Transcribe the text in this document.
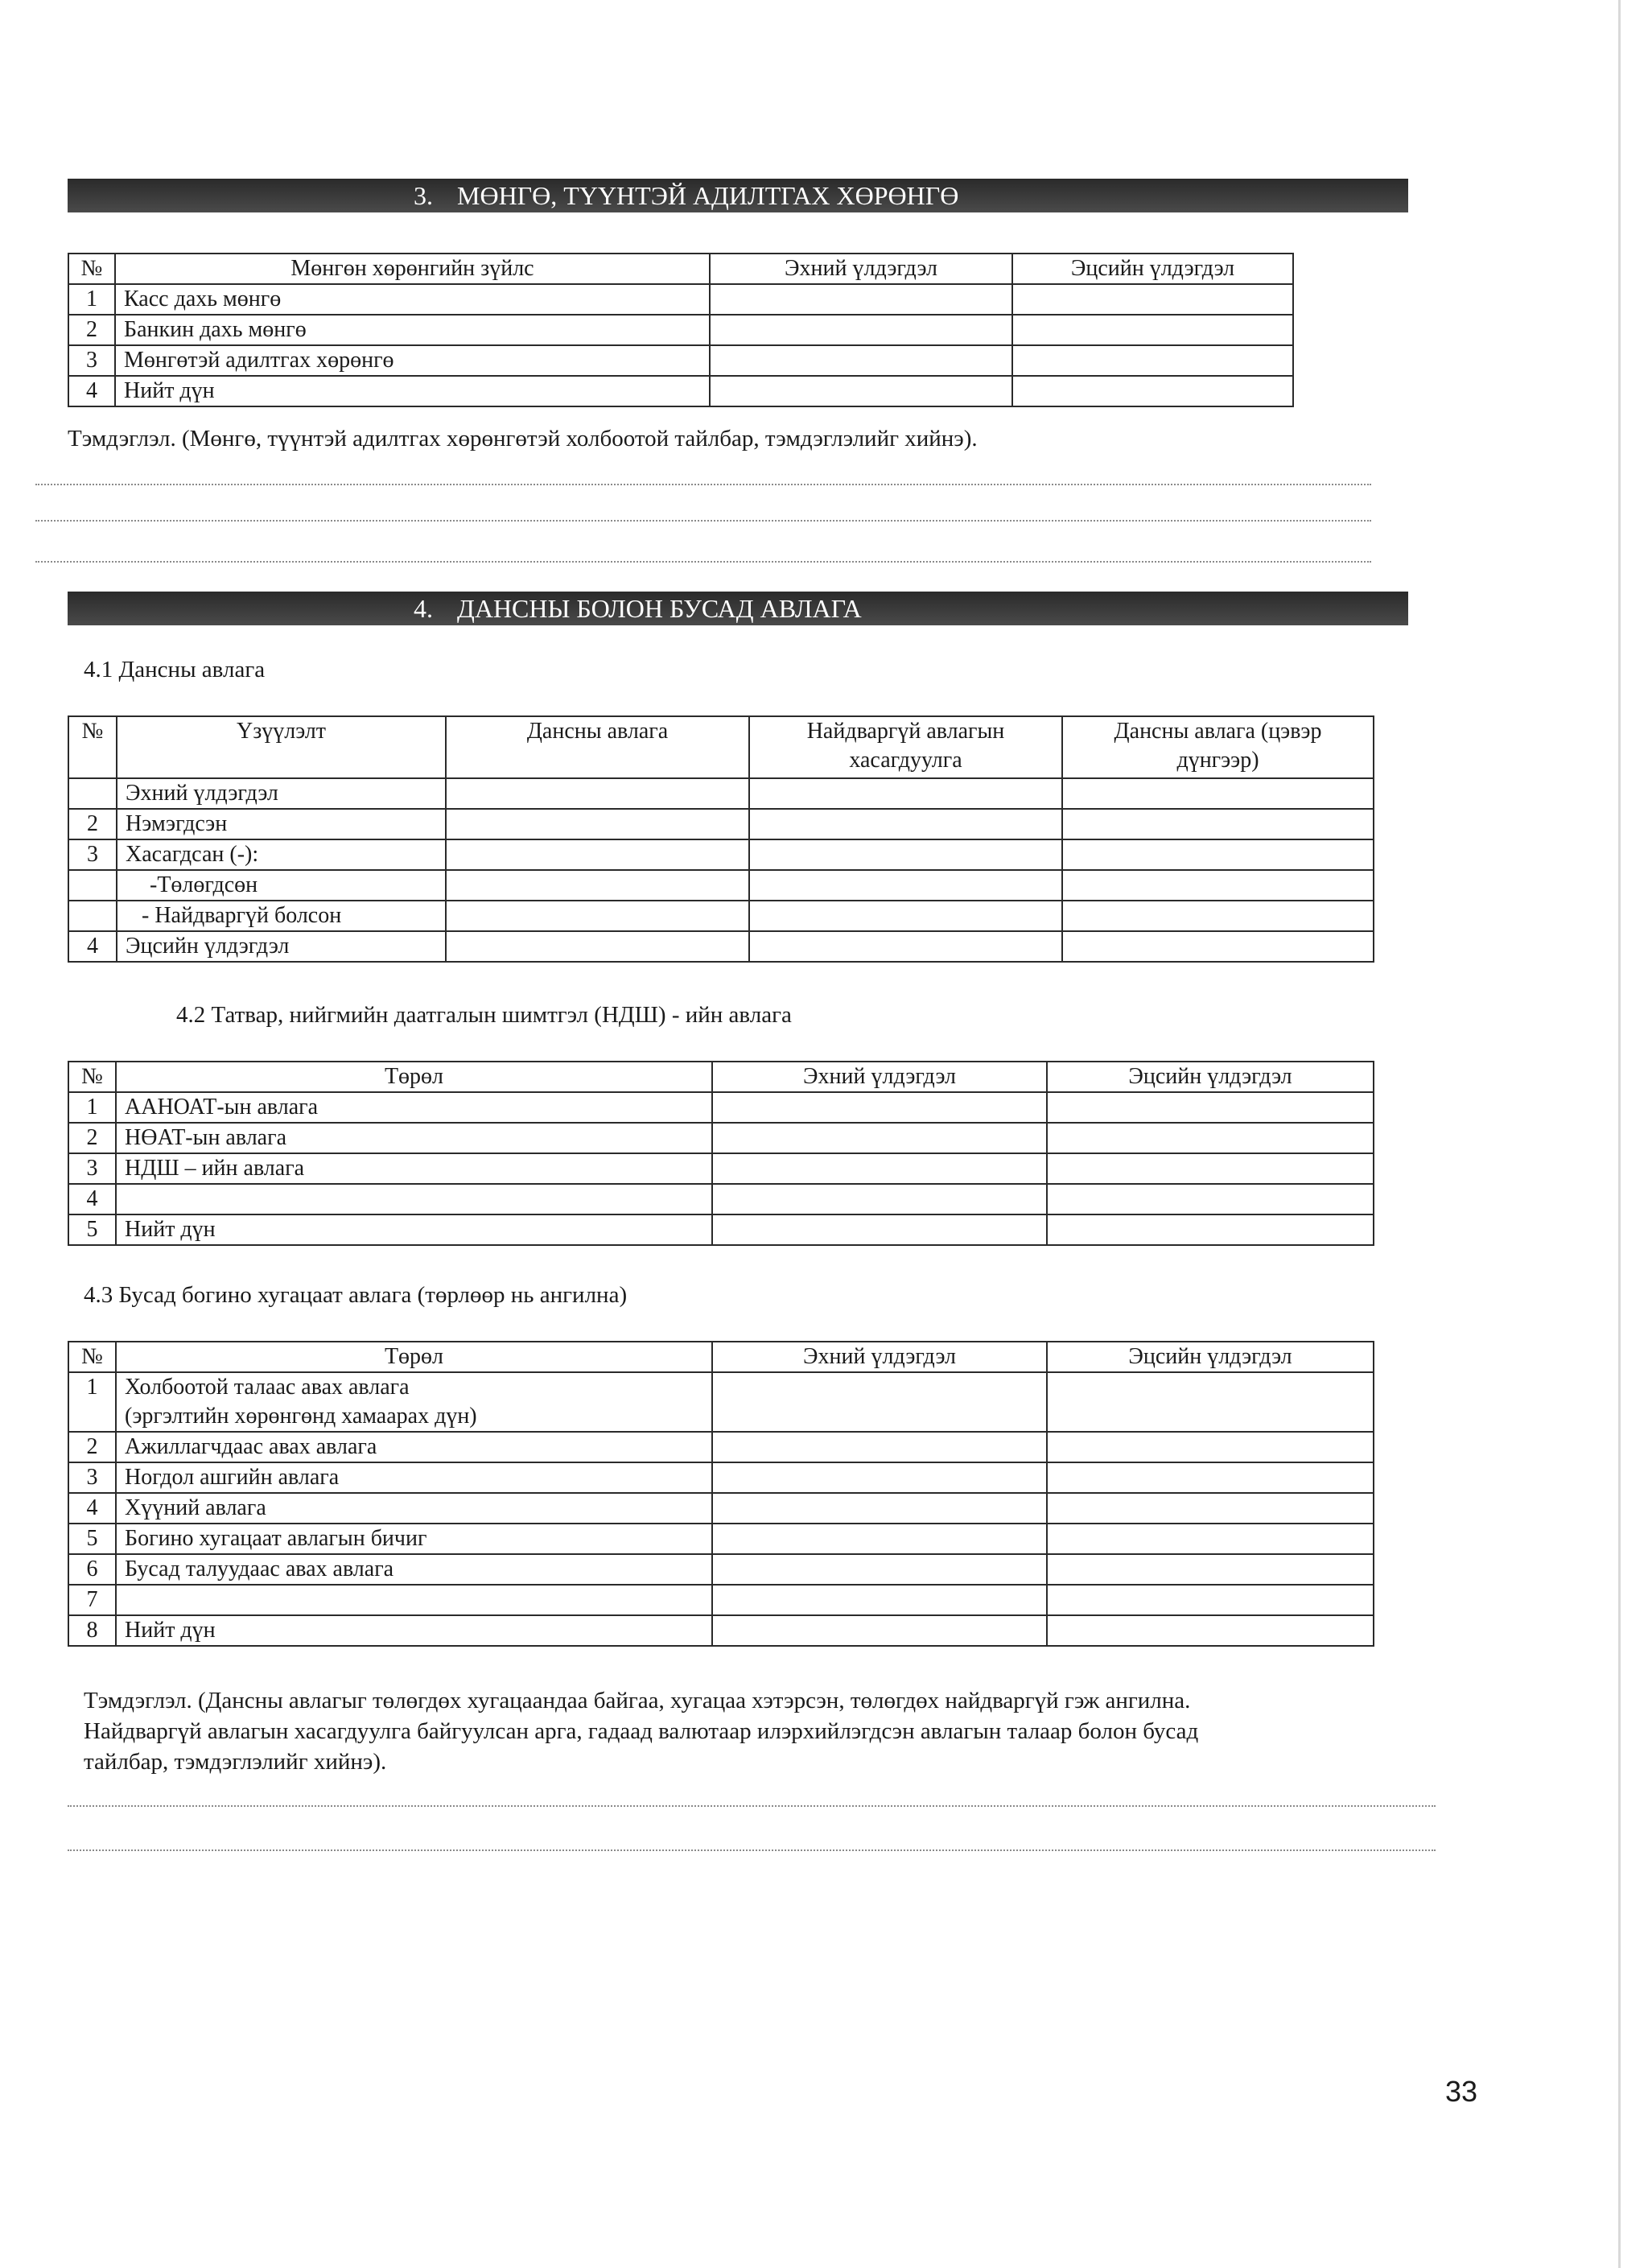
3. МӨНГӨ, ТҮҮНТЭЙ АДИЛТГАХ ХӨРӨНГӨ
№	Мөнгөн хөрөнгийн зүйлс	Эхний үлдэгдэл	Эцсийн үлдэгдэл
1	Касс дахь мөнгө		
2	Банкин дахь мөнгө		
3	Мөнгөтэй адилтгах хөрөнгө		
4	Нийт дүн		
Тэмдэглэл. (Мөнгө, түүнтэй адилтгах хөрөнгөтэй холбоотой тайлбар, тэмдэглэлийг хийнэ).
4. ДАНСНЫ БОЛОН БУСАД АВЛАГА
4.1 Дансны авлага
№	Үзүүлэлт	Дансны авлага	Найдваргүй авлагын хасагдуулга	Дансны авлага (цэвэр дүнгээр)
	Эхний үлдэгдэл			
2	Нэмэгдсэн			
3	Хасагдсан (-):			
	-Төлөгдсөн			
	- Найдваргүй болсон			
4	Эцсийн үлдэгдэл			
4.2 Татвар, нийгмийн даатгалын шимтгэл (НДШ) - ийн авлага
№	Төрөл	Эхний үлдэгдэл	Эцсийн үлдэгдэл
1	ААНОАТ-ын авлага		
2	НӨАТ-ын авлага		
3	НДШ – ийн авлага		
4			
5	Нийт дүн		
4.3 Бусад богино хугацаат авлага (төрлөөр нь ангилна)
№	Төрөл	Эхний үлдэгдэл	Эцсийн үлдэгдэл
1	Холбоотой талаас авах авлага (эргэлтийн хөрөнгөнд хамаарах дүн)		
2	Ажиллагчдаас авах авлага		
3	Ногдол ашгийн авлага		
4	Хүүний авлага		
5	Богино хугацаат авлагын бичиг		
6	Бусад талуудаас авах авлага		
7			
8	Нийт дүн		
Тэмдэглэл. (Дансны авлагыг төлөгдөх хугацаандаа байгаа, хугацаа хэтэрсэн, төлөгдөх найдваргүй гэж ангилна.
Найдваргүй авлагын хасагдуулга байгуулсан арга, гадаад валютаар илэрхийлэгдсэн авлагын талаар болон бусад
тайлбар, тэмдэглэлийг хийнэ).
33
